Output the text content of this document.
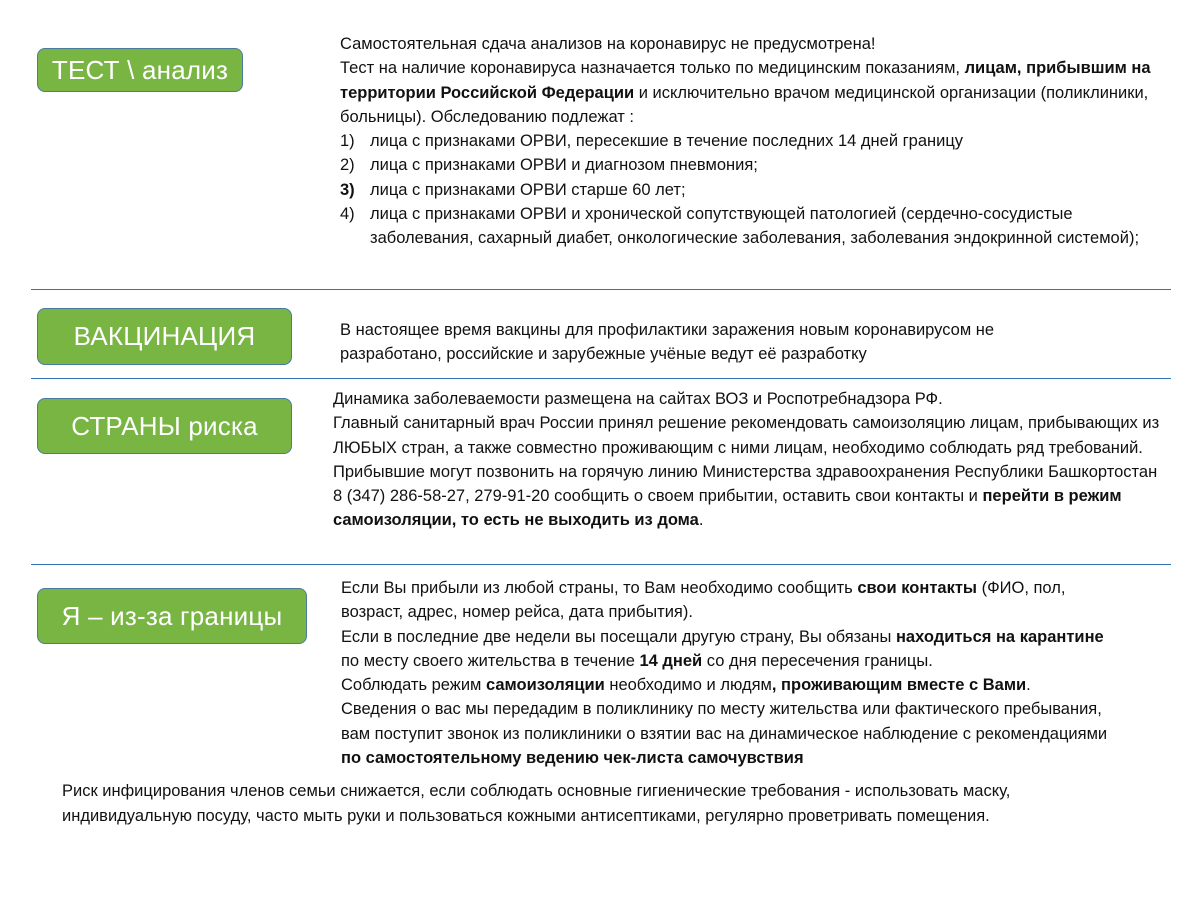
ТЕСТ \ анализ

Самостоятельная сдача анализов на коронавирус не предусмотрена!

Тест на наличие коронавируса назначается только по медицинским показаниям, лицам, прибывшим на территории Российской Федерации и исключительно врачом медицинской организации (поликлиники, больницы). Обследованию подлежат :

1) лица с признаками ОРВИ, пересекшие в течение последних 14 дней границу
2) лица с признаками ОРВИ и диагнозом пневмония;
3) лица с признаками ОРВИ старше 60 лет;
4) лица с признаками ОРВИ и хронической сопутствующей патологией (сердечно-сосудистые заболевания, сахарный диабет, онкологические заболевания, заболевания эндокринной системой);
ВАКЦИНАЦИЯ	В настоящее время вакцины для профилактики заражения новым коронавирусом не разработано, российские и зарубежные учёные ведут её разработку

СТРАНЫ риска

Динамика заболеваемости размещена на сайтах ВОЗ и Роспотребнадзора РФ.

Главный санитарный врач России принял решение рекомендовать самоизоляцию лицам, прибывающих из ЛЮБЫХ стран, а также совместно проживающим с ними лицам, необходимо соблюдать ряд требований.

Прибывшие могут позвонить на горячую линию Министерства здравоохранения Республики Башкортостан 8 (347) 286-58-27, 279-91-20 сообщить о своем прибытии, оставить свои контакты и перейти в режим самоизоляции, то есть не выходить из дома.

Я – из-за границы

Если Вы прибыли из любой страны, то Вам необходимо сообщить свои контакты (ФИО, пол, возраст, адрес, номер рейса, дата прибытия).

Если в последние две недели вы посещали другую страну, Вы обязаны находиться на карантине по месту своего жительства в течение 14 дней со дня пересечения границы.

Соблюдать режим самоизоляции необходимо и людям, проживающим вместе с Вами.

Сведения о вас мы передадим в поликлинику по месту жительства или фактического пребывания, вам поступит звонок из поликлиники о взятии вас на динамическое наблюдение с рекомендациями по самостоятельному ведению чек-листа самочувствия

Риск инфицирования членов семьи снижается, если соблюдать основные гигиенические требования - использовать маску, индивидуальную посуду, часто мыть руки и пользоваться кожными антисептиками, регулярно проветривать помещения.
